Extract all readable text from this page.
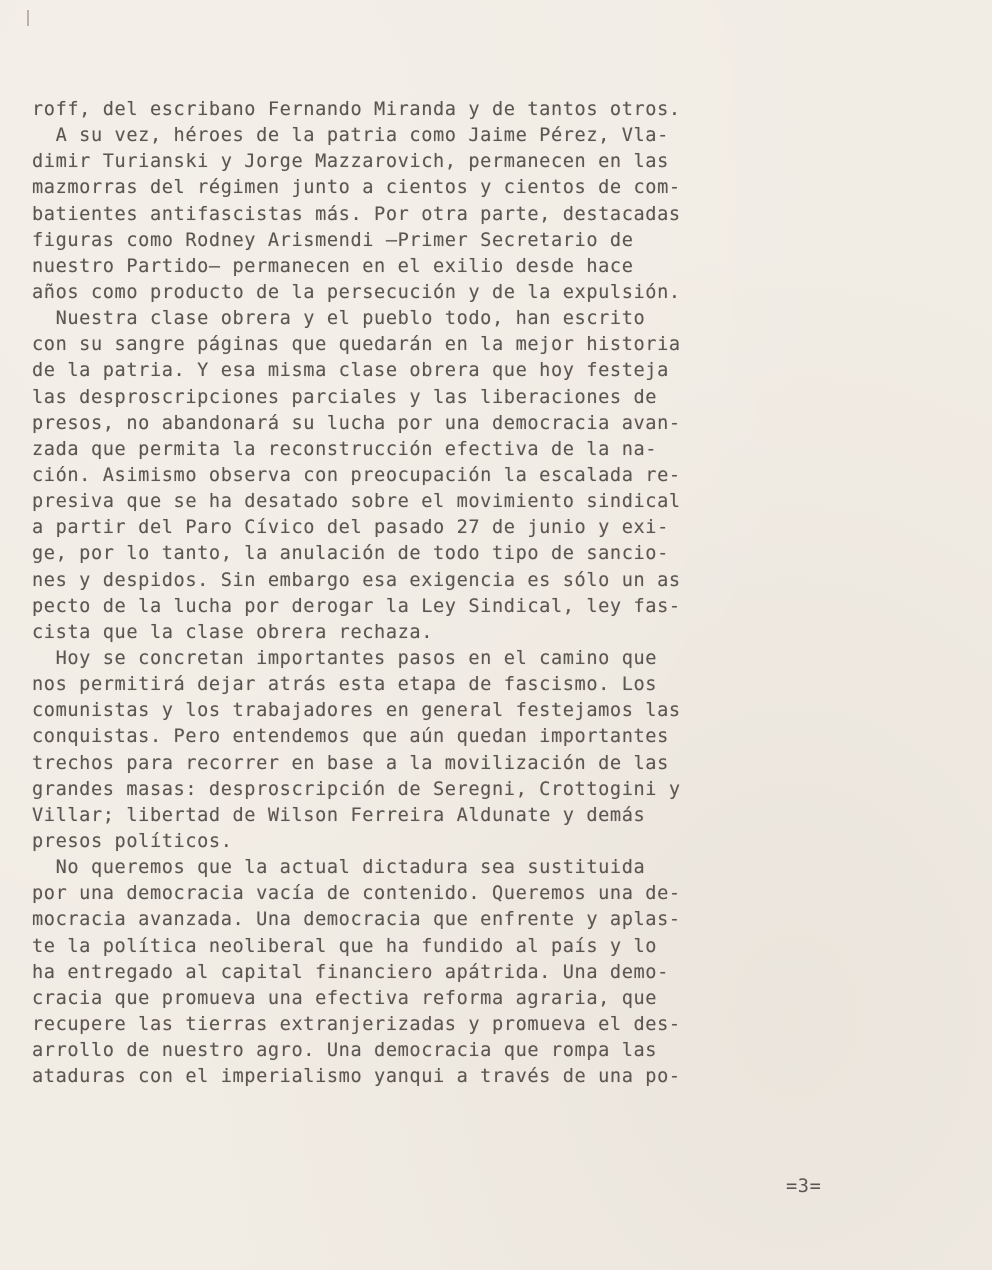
roff, del escribano Fernando Miranda y de tantos otros.
A su vez, héroes de la patria como Jaime Pérez, Vla-
dimir Turianski y Jorge Mazzarovich, permanecen en las
mazmorras del régimen junto a cientos y cientos de com-
batientes antifascistas más. Por otra parte, destacadas
figuras como Rodney Arismendi —Primer Secretario de
nuestro Partido— permanecen en el exilio desde hace
años como producto de la persecución y de la expulsión.
Nuestra clase obrera y el pueblo todo, han escrito
con su sangre páginas que quedarán en la mejor historia
de la patria. Y esa misma clase obrera que hoy festeja
las desproscripciones parciales y las liberaciones de
presos, no abandonará su lucha por una democracia avan-
zada que permita la reconstrucción efectiva de la na-
ción. Asimismo observa con preocupación la escalada re-
presiva que se ha desatado sobre el movimiento sindical
a partir del Paro Cívico del pasado 27 de junio y exi-
ge, por lo tanto, la anulación de todo tipo de sancio-
nes y despidos. Sin embargo esa exigencia es sólo un as
pecto de la lucha por derogar la Ley Sindical, ley fas-
cista que la clase obrera rechaza.
Hoy se concretan importantes pasos en el camino que
nos permitirá dejar atrás esta etapa de fascismo. Los
comunistas y los trabajadores en general festejamos las
conquistas. Pero entendemos que aún quedan importantes
trechos para recorrer en base a la movilización de las
grandes masas: desproscripción de Seregni, Crottogini y
Villar; libertad de Wilson Ferreira Aldunate y demás
presos políticos.
No queremos que la actual dictadura sea sustituida
por una democracia vacía de contenido. Queremos una de-
mocracia avanzada. Una democracia que enfrente y aplas-
te la política neoliberal que ha fundido al país y lo
ha entregado al capital financiero apátrida. Una demo-
cracia que promueva una efectiva reforma agraria, que
recupere las tierras extranjerizadas y promueva el des-
arrollo de nuestro agro. Una democracia que rompa las
ataduras con el imperialismo yanqui a través de una po-
=3=
